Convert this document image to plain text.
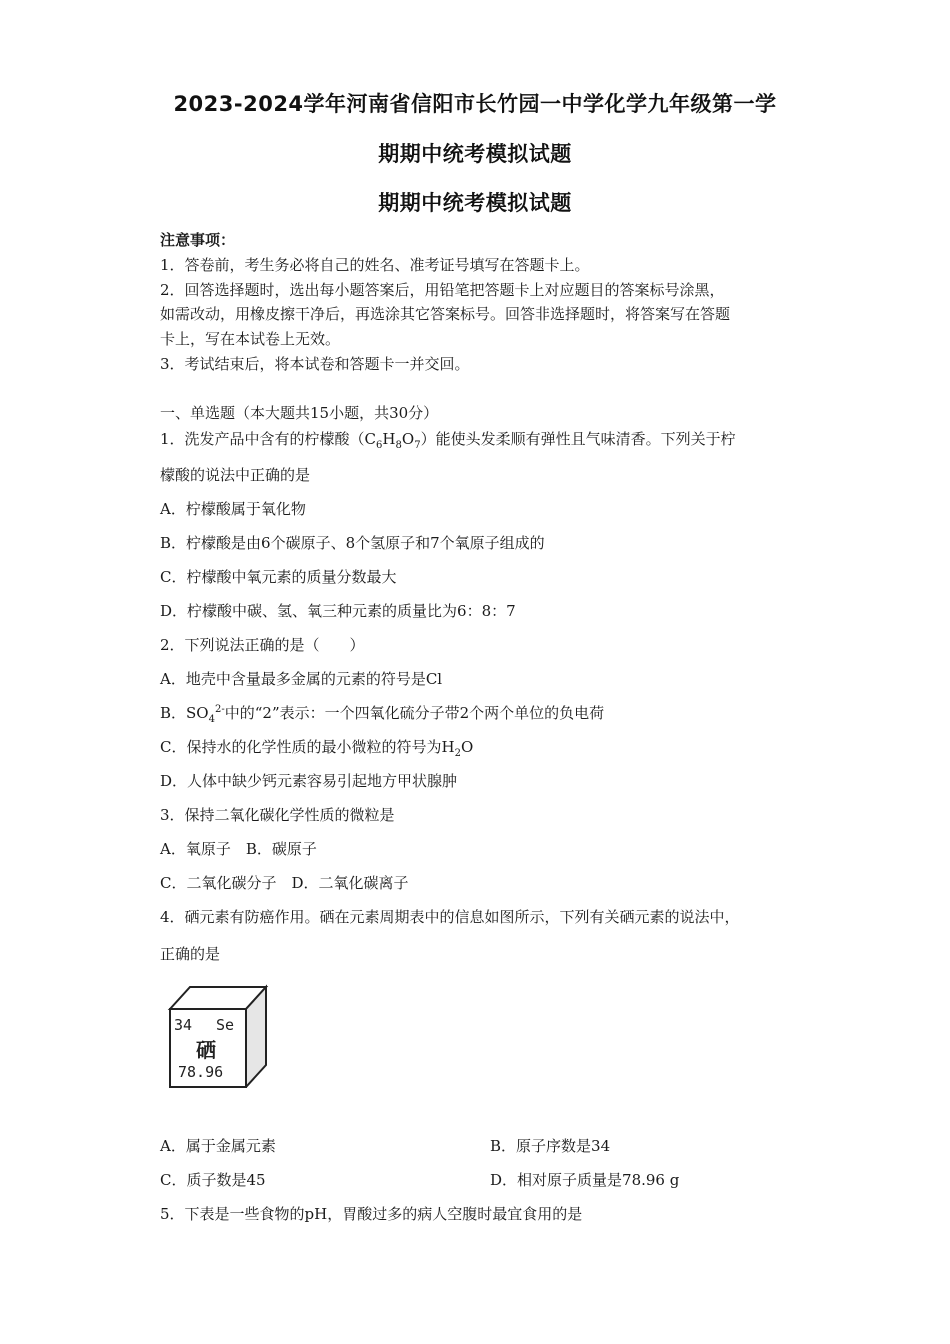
2023-2024学年河南省信阳市长竹园一中学化学九年级第一学
期期中统考模拟试题
期期中统考模拟试题
注意事项：
1．答卷前，考生务必将自己的姓名、准考证号填写在答题卡上。
2．回答选择题时，选出每小题答案后，用铅笔把答题卡上对应题目的答案标号涂黑，
如需改动，用橡皮擦干净后，再选涂其它答案标号。回答非选择题时，将答案写在答题
卡上，写在本试卷上无效。
3．考试结束后，将本试卷和答题卡一并交回。
一、单选题（本大题共15小题，共30分）
1．洗发产品中含有的柠檬酸$(C_6H_8O_7)$能使头发柔顺有弹性且气味清香。下列关于柠
檬酸的说法中正确的是
A．柠檬酸属于氧化物
B．柠檬酸是由6个碳原子、8个氢原子和7个氧原子组成的
C．柠檬酸中氧元素的质量分数最大
D．柠檬酸中碳、氢、氧三种元素的质量比为6：8：7
2．下列说法正确的是（　　）
A．地壳中含量最多金属的元素的符号是Cl
B．$SO_4^{2-}$中的“2”表示：一个四氧化硫分子带2个两个单位的负电荷
C．保持水的化学性质的最小微粒的符号为$H_2O$
D．人体中缺少钙元素容易引起地方甲状腺肿
3．保持二氧化碳化学性质的微粒是
A．氧原子　B．碳原子
C．二氧化碳分子　D．二氧化碳离子
4．硒元素有防癌作用。硒在元素周期表中的信息如图所示，下列有关硒元素的说法中，
正确的是
34 Se
硒
78.96
A．属于金属元素	B．原子序数是34
C．质子数是45	D．相对原子质量是78.96 g
5．下表是一些食物的pH，胃酸过多的病人空腹时最宜食用的是
